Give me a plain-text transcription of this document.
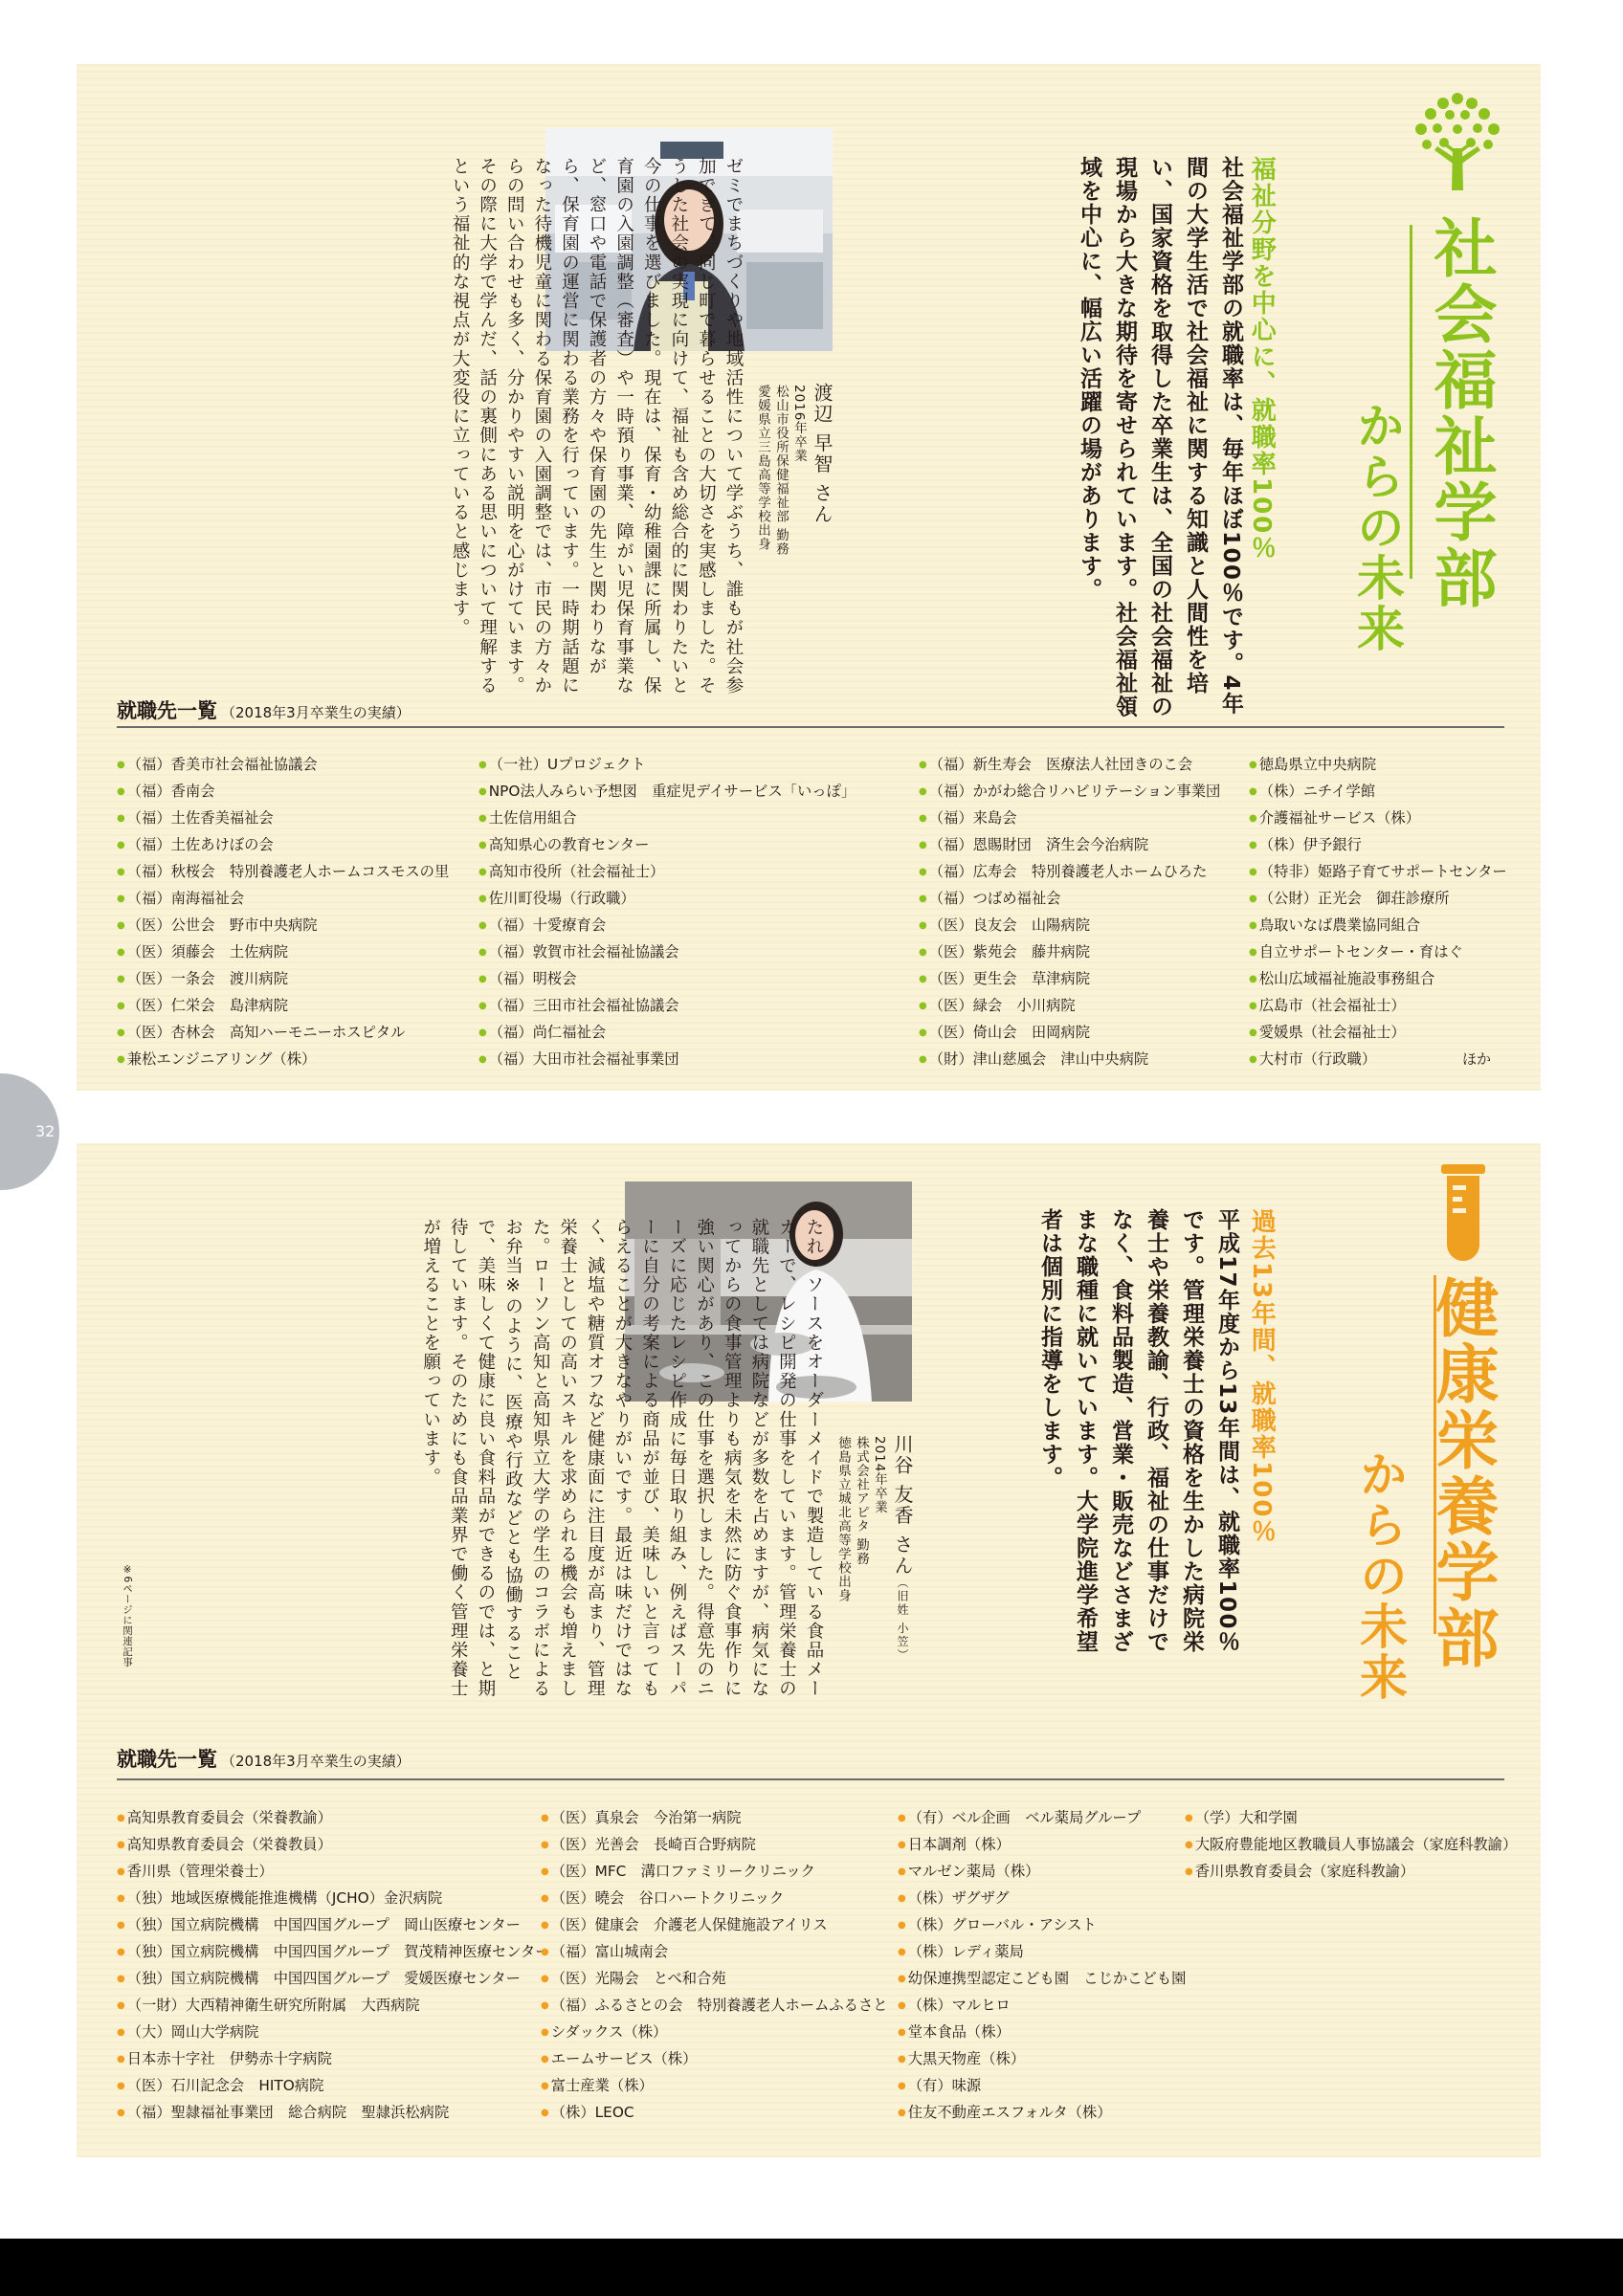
社会福祉学部
からの未来
福祉分野を中心に、就職率100％
社会福祉学部の就職率は、毎年ほぼ100％です。4年間の大学生活で社会福祉に関する知識と人間性を培い、国家資格を取得した卒業生は、全国の社会福祉の現場から大きな期待を寄せられています。社会福祉領域を中心に、幅広い活躍の場があります。
渡辺 早智 さん
2016年卒業
松山市役所保健福祉部 勤務
愛媛県立三島高等学校出身
ゼミでまちづくりや地域活性について学ぶうち、誰もが社会参加できて、同じ町で暮らせることの大切さを実感しました。そうした社会の実現に向けて、福祉も含め総合的に関わりたいと今の仕事を選びました。現在は、保育・幼稚園課に所属し、保育園の入園調整（審査）や一時預り事業、障がい児保育事業など、窓口や電話で保護者の方々や保育園の先生と関わりながら、保育園の運営に関わる業務を行っています。一時期話題になった待機児童に関わる保育園の入園調整では、市民の方々からの問い合わせも多く、分かりやすい説明を心がけています。その際に大学で学んだ、話の裏側にある思いについて理解するという福祉的な視点が大変役に立っていると感じます。
就職先一覧 （2018年3月卒業生の実績）
● （福）香美市社会福祉協議会
● （福）香南会
● （福）土佐香美福祉会
● （福）土佐あけぼの会
● （福）秋桜会　特別養護老人ホームコスモスの里
● （福）南海福祉会
● （医）公世会　野市中央病院
● （医）須藤会　土佐病院
● （医）一条会　渡川病院
● （医）仁栄会　島津病院
● （医）杏林会　高知ハーモニーホスピタル
● 兼松エンジニアリング（株）
● （一社）Uプロジェクト
● NPO法人みらい予想図　重症児デイサービス「いっぽ」
● 土佐信用組合
● 高知県心の教育センター
● 高知市役所（社会福祉士）
● 佐川町役場（行政職）
● （福）十愛療育会
● （福）敦賀市社会福祉協議会
● （福）明桜会
● （福）三田市社会福祉協議会
● （福）尚仁福祉会
● （福）大田市社会福祉事業団
● （福）新生寿会　医療法人社団きのこ会
● （福）かがわ総合リハビリテーション事業団
● （福）来島会
● （福）恩賜財団　済生会今治病院
● （福）広寿会　特別養護老人ホームひろた
● （福）つばめ福祉会
● （医）良友会　山陽病院
● （医）紫苑会　藤井病院
● （医）更生会　草津病院
● （医）緑会　小川病院
● （医）倚山会　田岡病院
● （財）津山慈風会　津山中央病院
● 徳島県立中央病院
● （株）ニチイ学館
● 介護福祉サービス（株）
● （株）伊予銀行
● （特非）姫路子育てサポートセンター
● （公財）正光会　御荘診療所
● 鳥取いなば農業協同組合
● 自立サポートセンター・育はぐ
● 松山広域福祉施設事務組合
● 広島市（社会福祉士）
● 愛媛県（社会福祉士）
● 大村市（行政職）	ほか
32
健康栄養学部
からの未来
過去13年間、就職率100％
平成17年度から13年間は、就職率100％です。管理栄養士の資格を生かした病院栄養士や栄養教諭、行政、福祉の仕事だけでなく、食料品製造、営業・販売などさまざまな職種に就いています。大学院進学希望者は個別に指導をします。
川谷 友香 さん（旧姓 小笠）
2014年卒業
株式会社アピタ 勤務
徳島県立城北高等学校出身
たれ・ソースをオーダーメイドで製造している食品メーカーで、レシピ開発の仕事をしています。管理栄養士の就職先としては病院などが多数を占めますが、病気になってからの食事管理よりも病気を未然に防ぐ食事作りに強い関心があり、この仕事を選択しました。得意先のニーズに応じたレシピ作成に毎日取り組み、例えばスーパーに自分の考案による商品が並び、美味しいと言ってもらえることが大きなやりがいです。最近は味だけではなく、減塩や糖質オフなど健康面に注目度が高まり、管理栄養士としての高いスキルを求められる機会も増えました。ローソン高知と高知県立大学の学生のコラボによるお弁当※のように、医療や行政などとも協働することで、美味しくて健康に良い食料品ができるのでは、と期待しています。そのためにも食品業界で働く管理栄養士が増えることを願っています。
※6ページに関連記事
就職先一覧 （2018年3月卒業生の実績）
● 高知県教育委員会（栄養教諭）
● 高知県教育委員会（栄養教員）
● 香川県（管理栄養士）
● （独）地域医療機能推進機構（JCHO）金沢病院
● （独）国立病院機構　中国四国グループ　岡山医療センター
● （独）国立病院機構　中国四国グループ　賀茂精神医療センター
● （独）国立病院機構　中国四国グループ　愛媛医療センター
● （一財）大西精神衛生研究所附属　大西病院
● （大）岡山大学病院
● 日本赤十字社　伊勢赤十字病院
● （医）石川記念会　HITO病院
● （福）聖隷福祉事業団　総合病院　聖隷浜松病院
● （医）真泉会　今治第一病院
● （医）光善会　長崎百合野病院
● （医）MFC　溝口ファミリークリニック
● （医）曉会　谷口ハートクリニック
● （医）健康会　介護老人保健施設アイリス
● （福）富山城南会
● （医）光陽会　とべ和合苑
● （福）ふるさとの会　特別養護老人ホームふるさと
● シダックス（株）
● エームサービス（株）
● 富士産業（株）
● （株）LEOC
● （有）ベル企画　ベル薬局グループ
● 日本調剤（株）
● マルゼン薬局（株）
● （株）ザグザグ
● （株）グローバル・アシスト
● （株）レディ薬局
● 幼保連携型認定こども園　こじかこども園
● （株）マルヒロ
● 堂本食品（株）
● 大黒天物産（株）
● （有）味源
● 住友不動産エスフォルタ（株）
● （学）大和学園
● 大阪府豊能地区教職員人事協議会（家庭科教諭）
● 香川県教育委員会（家庭科教諭）
